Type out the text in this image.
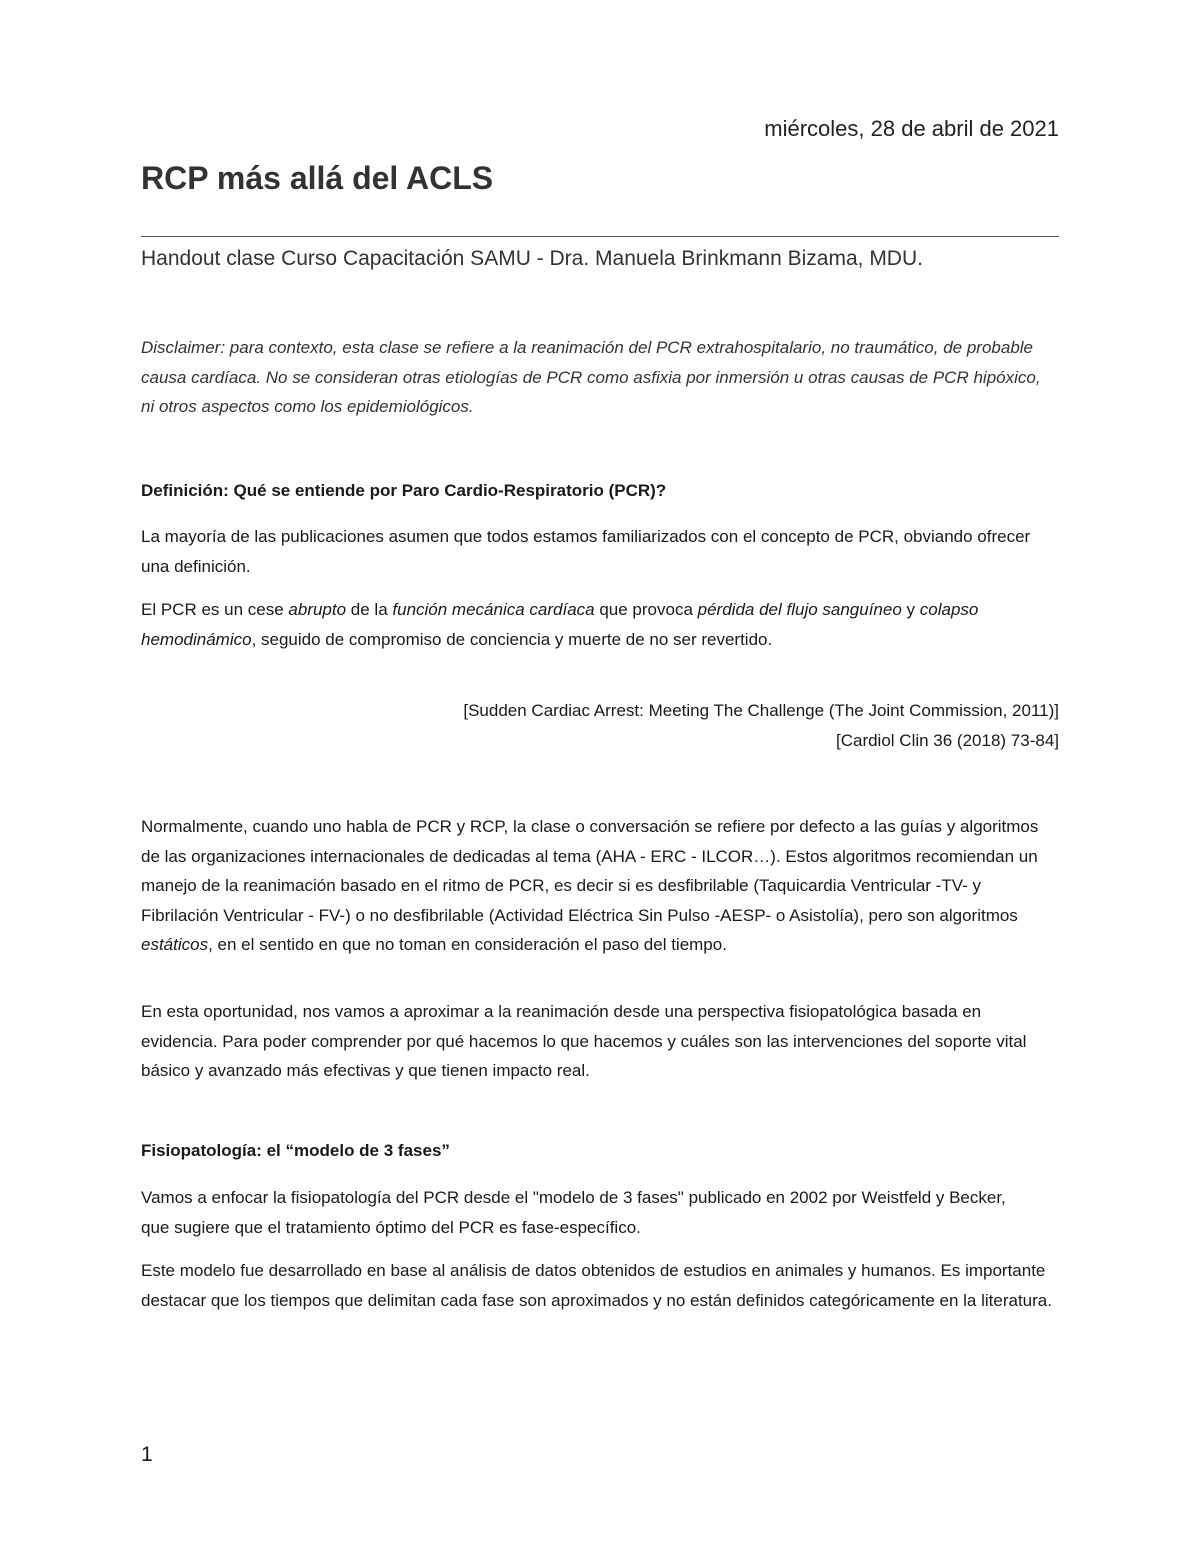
miércoles, 28 de abril de 2021
RCP más allá del ACLS
Handout clase Curso Capacitación SAMU - Dra. Manuela Brinkmann Bizama, MDU.

Disclaimer: para contexto, esta clase se refiere a la reanimación del PCR extrahospitalario, no traumático, de probable causa cardíaca. No se consideran otras etiologías de PCR como asfixia por inmersión u otras causas de PCR hipóxico, ni otros aspectos como los epidemiológicos.

Definición: Qué se entiende por Paro Cardio-Respiratorio (PCR)?

La mayoría de las publicaciones asumen que todos estamos familiarizados con el concepto de PCR, obviando ofrecer una definición.

El PCR es un cese abrupto de la función mecánica cardíaca que provoca pérdida del flujo sanguíneo y colapso hemodinámico, seguido de compromiso de conciencia y muerte de no ser revertido.

[Sudden Cardiac Arrest: Meeting The Challenge (The Joint Commission, 2011)]
[Cardiol Clin 36 (2018) 73-84]

Normalmente, cuando uno habla de PCR y RCP, la clase o conversación se refiere por defecto a las guías y algoritmos de las organizaciones internacionales de dedicadas al tema (AHA - ERC - ILCOR…). Estos algoritmos recomiendan un manejo de la reanimación basado en el ritmo de PCR, es decir si es desfibrilable (Taquicardia Ventricular -TV- y Fibrilación Ventricular - FV-) o no desfibrilable (Actividad Eléctrica Sin Pulso -AESP- o Asistolía), pero son algoritmos estáticos, en el sentido en que no toman en consideración el paso del tiempo.

En esta oportunidad, nos vamos a aproximar a la reanimación desde una perspectiva fisiopatológica basada en evidencia. Para poder comprender por qué hacemos lo que hacemos y cuáles son las intervenciones del soporte vital básico y avanzado más efectivas y que tienen impacto real.

Fisiopatología: el “modelo de 3 fases”

Vamos a enfocar la fisiopatología del PCR desde el "modelo de 3 fases" publicado en 2002 por Weistfeld y Becker, que sugiere que el tratamiento óptimo del PCR es fase-específico.

Este modelo fue desarrollado en base al análisis de datos obtenidos de estudios en animales y humanos. Es importante destacar que los tiempos que delimitan cada fase son aproximados y no están definidos categóricamente en la literatura.

1
